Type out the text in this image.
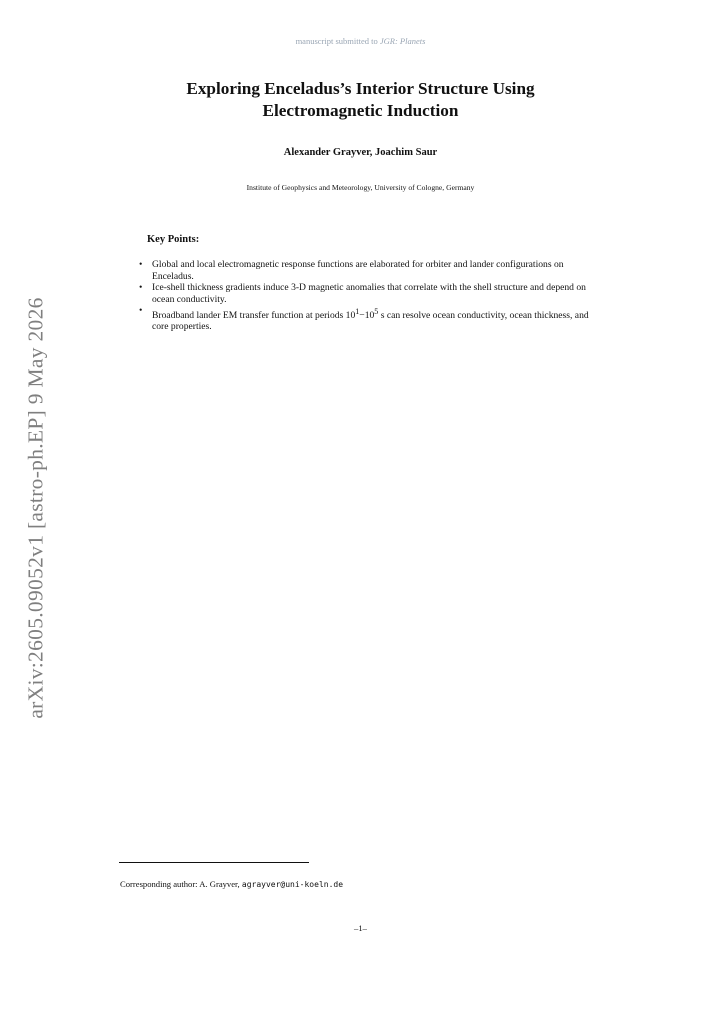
manuscript submitted to JGR: Planets
arXiv:2605.09052v1 [astro-ph.EP] 9 May 2026
Exploring Enceladus’s Interior Structure Using
Electromagnetic Induction
Alexander Grayver, Joachim Saur
Institute of Geophysics and Meteorology, University of Cologne, Germany
Key Points:
• Global and local electromagnetic response functions are elaborated for orbiter and lander configurations on Enceladus.
• Ice-shell thickness gradients induce 3-D magnetic anomalies that correlate with the shell structure and depend on ocean conductivity.
• Broadband lander EM transfer function at periods $10^1-10^5$ s can resolve ocean conductivity, ocean thickness, and core properties.
Corresponding author: A. Grayver, agrayver@uni-koeln.de
–1–
